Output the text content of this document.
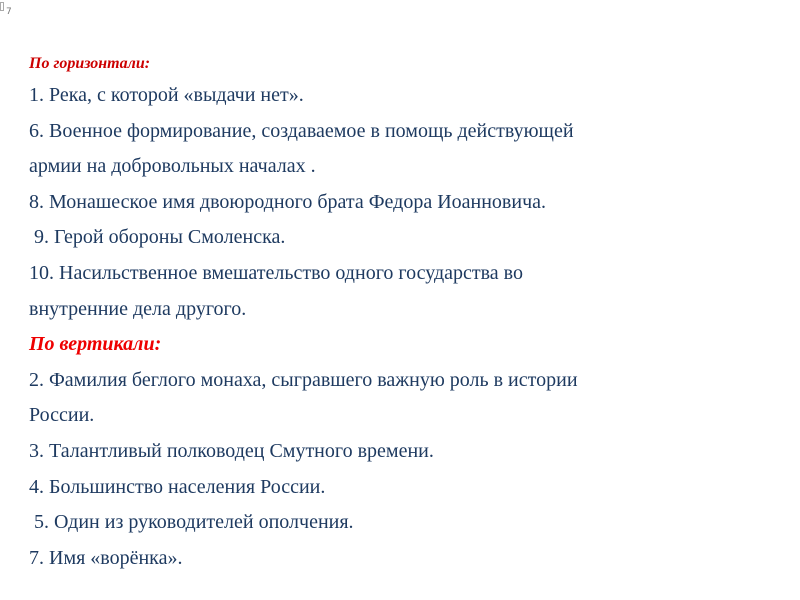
7
По горизонтали:
1. Река, с которой «выдачи нет».
6. Военное формирование, создаваемое в помощь действующей
армии на добровольных началах .
8. Монашеское имя двоюродного брата Федора Иоанновича.
9. Герой обороны Смоленска.
10. Насильственное вмешательство одного государства во
внутренние дела другого.
По вертикали:
2. Фамилия беглого монаха, сыгравшего важную роль в истории
России.
3. Талантливый полководец Смутного времени.
4. Большинство населения России.
5. Один из руководителей ополчения.
7. Имя «ворёнка».
